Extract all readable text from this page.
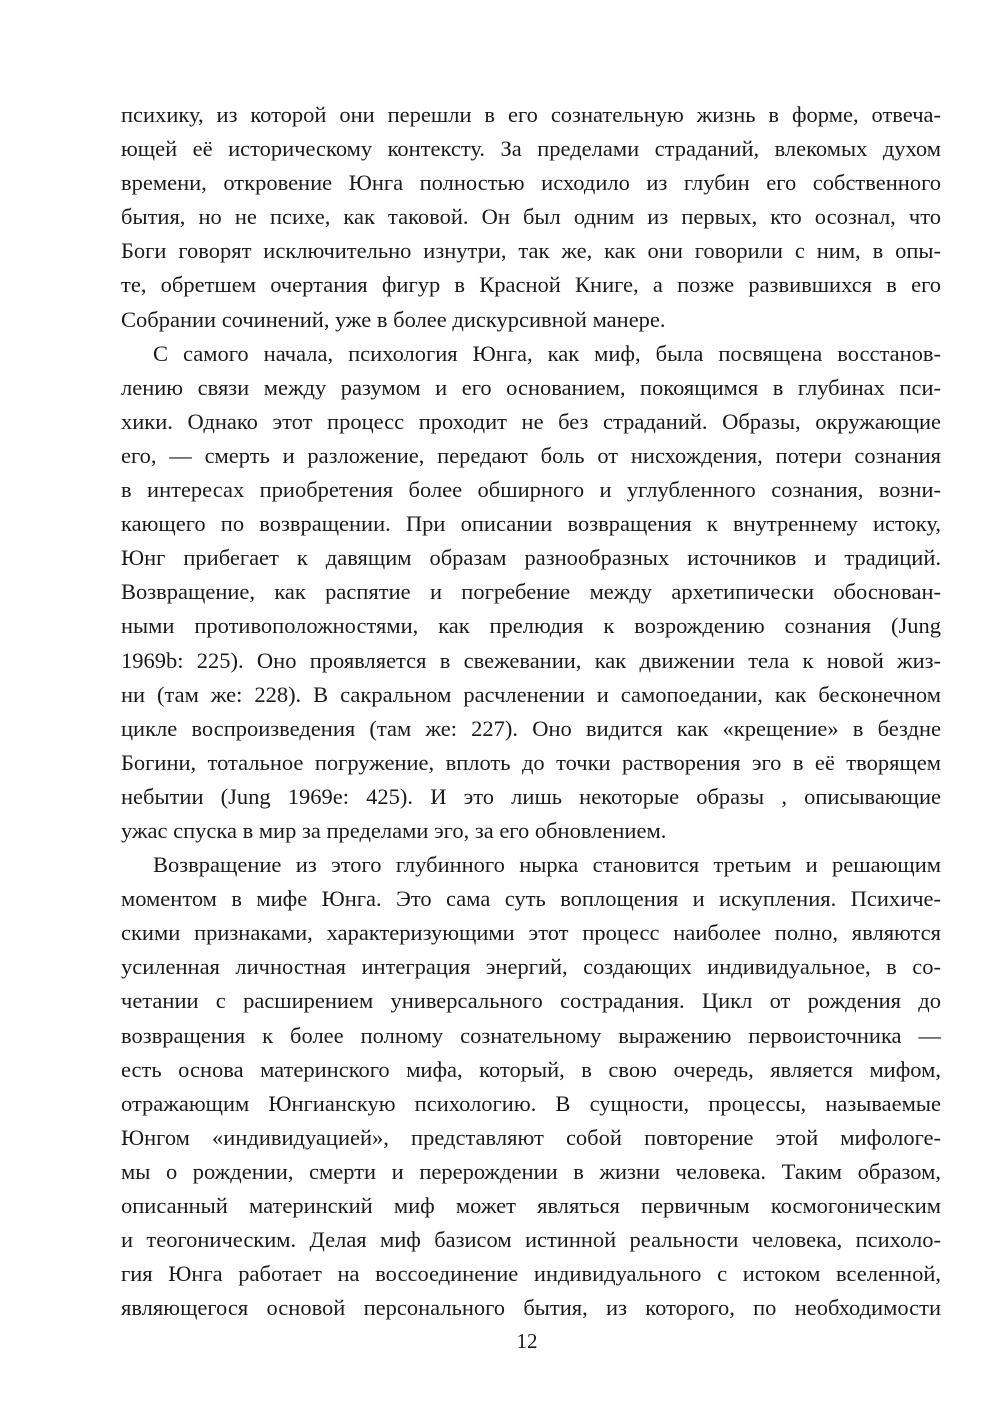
психику, из которой они перешли в его сознательную жизнь в форме, отвеча-
ющей её историческому контексту. За пределами страданий, влекомых духом
времени, откровение Юнга полностью исходило из глубин его собственного
бытия, но не психе, как таковой. Он был одним из первых, кто осознал, что
Боги говорят исключительно изнутри, так же, как они говорили с ним, в опы-
те, обретшем очертания фигур в Красной Книге, а позже развившихся в его
Собрании сочинений, уже в более дискурсивной манере.
С самого начала, психология Юнга, как миф, была посвящена восстанов-
лению связи между разумом и его основанием, покоящимся в глубинах пси-
хики. Однако этот процесс проходит не без страданий. Образы, окружающие
его, — смерть и разложение, передают боль от нисхождения, потери сознания
в интересах приобретения более обширного и углубленного сознания, возни-
кающего по возвращении. При описании возвращения к внутреннему истоку,
Юнг прибегает к давящим образам разнообразных источников и традиций.
Возвращение, как распятие и погребение между архетипически обоснован-
ными противоположностями, как прелюдия к возрождению сознания (Jung
1969b: 225). Оно проявляется в свежевании, как движении тела к новой жиз-
ни (там же: 228). В сакральном расчленении и самопоедании, как бесконечном
цикле воспроизведения (там же: 227). Оно видится как «крещение» в бездне
Богини, тотальное погружение, вплоть до точки растворения эго в её творящем
небытии (Jung 1969e: 425). И это лишь некоторые образы , описывающие
ужас спуска в мир за пределами эго, за его обновлением.
Возвращение из этого глубинного нырка становится третьим и решающим
моментом в мифе Юнга. Это сама суть воплощения и искупления. Психиче-
скими признаками, характеризующими этот процесс наиболее полно, являются
усиленная личностная интеграция энергий, создающих индивидуальное, в со-
четании с расширением универсального сострадания. Цикл от рождения до
возвращения к более полному сознательному выражению первоисточника —
есть основа материнского мифа, который, в свою очередь, является мифом,
отражающим Юнгианскую психологию. В сущности, процессы, называемые
Юнгом «индивидуацией», представляют собой повторение этой мифологе-
мы о рождении, смерти и перерождении в жизни человека. Таким образом,
описанный материнский миф может являться первичным космогоническим
и теогоническим. Делая миф базисом истинной реальности человека, психоло-
гия Юнга работает на воссоединение индивидуального с истоком вселенной,
являющегося основой персонального бытия, из которого, по необходимости
12
